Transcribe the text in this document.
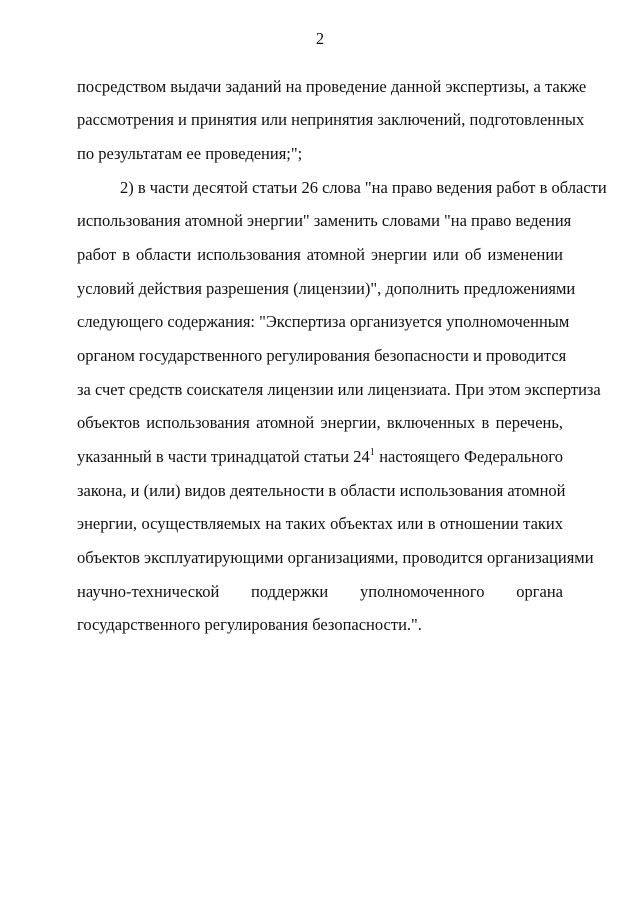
2
посредством выдачи заданий на проведение данной экспертизы, а также
рассмотрения и принятия или непринятия заключений, подготовленных
по результатам ее проведения;";
2) в части десятой статьи 26 слова "на право ведения работ в области
использования атомной энергии" заменить словами "на право ведения
работ в области использования атомной энергии или об изменении
условий действия разрешения (лицензии)", дополнить предложениями
следующего содержания: "Экспертиза организуется уполномоченным
органом государственного регулирования безопасности и проводится
за счет средств соискателя лицензии или лицензиата. При этом экспертиза
объектов использования атомной энергии, включенных в перечень,
указанный в части тринадцатой статьи $24^1$ настоящего Федерального
закона, и (или) видов деятельности в области использования атомной
энергии, осуществляемых на таких объектах или в отношении таких
объектов эксплуатирующими организациями, проводится организациями
научно-технической поддержки уполномоченного органа
государственного регулирования безопасности.".
